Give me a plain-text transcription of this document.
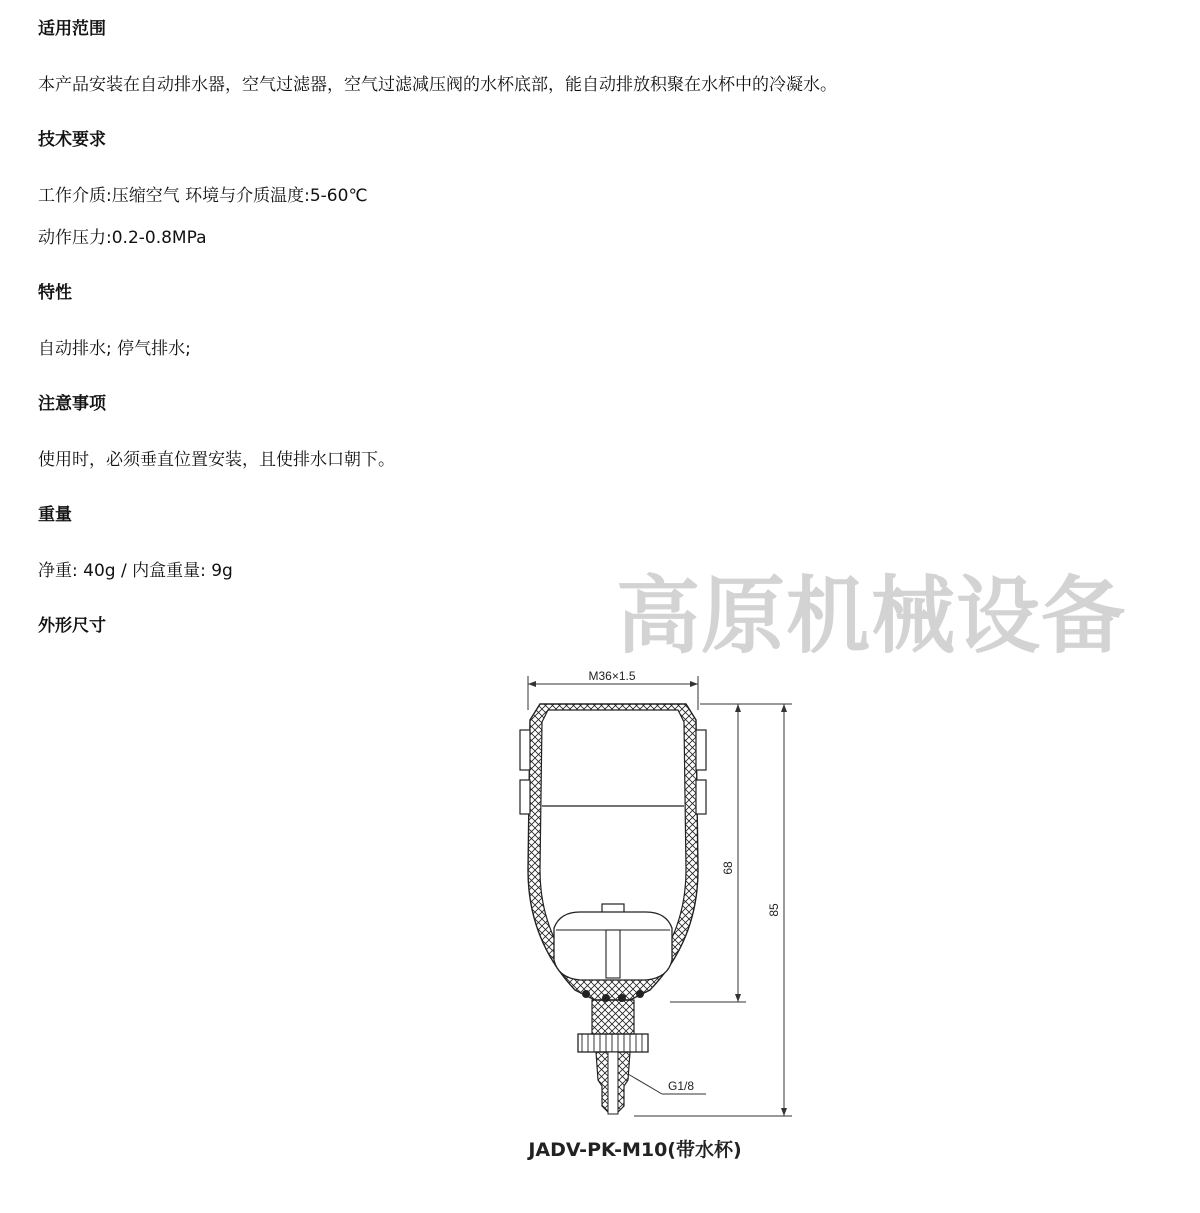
适用范围

本产品安装在自动排水器，空气过滤器，空气过滤减压阀的水杯底部，能自动排放积聚在水杯中的冷凝水。

技术要求

工作介质:压缩空气 环境与介质温度:5-60℃

动作压力:0.2-0.8MPa

特性

自动排水; 停气排水;

注意事项

使用时，必须垂直位置安装，且使排水口朝下。

重量

净重: 40g / 内盒重量: 9g

外形尺寸	高原机械设备
M36×1.5
G1/8
68
85
JADV-PK-M10(带水杯)
